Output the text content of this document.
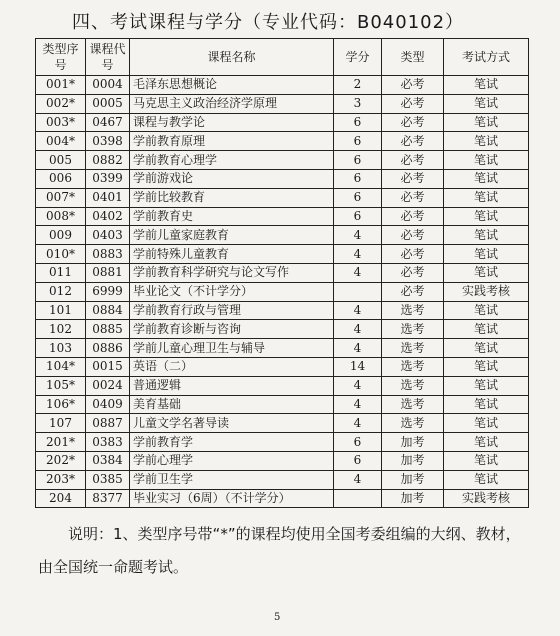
四、考试课程与学分（专业代码：B040102）
类型序号	课程代号	课程名称	学分	类型	考试方式
001*	0004	毛泽东思想概论	2	必考	笔试
002*	0005	马克思主义政治经济学原理	3	必考	笔试
003*	0467	课程与教学论	6	必考	笔试
004*	0398	学前教育原理	6	必考	笔试
005	0882	学前教育心理学	6	必考	笔试
006	0399	学前游戏论	6	必考	笔试
007*	0401	学前比较教育	6	必考	笔试
008*	0402	学前教育史	6	必考	笔试
009	0403	学前儿童家庭教育	4	必考	笔试
010*	0883	学前特殊儿童教育	4	必考	笔试
011	0881	学前教育科学研究与论文写作	4	必考	笔试
012	6999	毕业论文（不计学分）		必考	实践考核
101	0884	学前教育行政与管理	4	选考	笔试
102	0885	学前教育诊断与咨询	4	选考	笔试
103	0886	学前儿童心理卫生与辅导	4	选考	笔试
104*	0015	英语（二）	14	选考	笔试
105*	0024	普通逻辑	4	选考	笔试
106*	0409	美育基础	4	选考	笔试
107	0887	儿童文学名著导读	4	选考	笔试
201*	0383	学前教育学	6	加考	笔试
202*	0384	学前心理学	6	加考	笔试
203*	0385	学前卫生学	4	加考	笔试
204	8377	毕业实习（6周）（不计学分）		加考	实践考核
说明：1、类型序号带“*”的课程均使用全国考委组编的大纲、教材，由全国统一命题考试。
5
